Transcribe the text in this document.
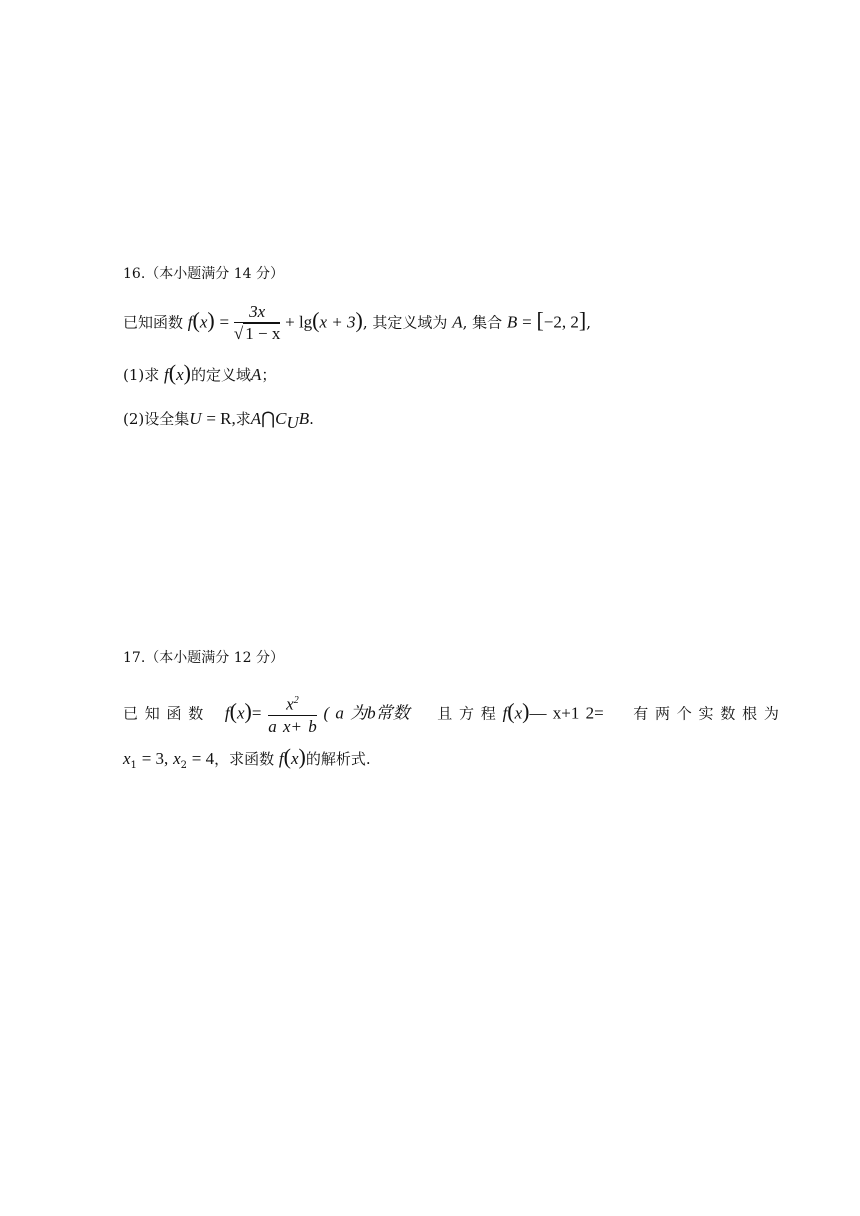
16.（本小题满分 14 分）
已知函数 $f(x) = \frac{3x}{√ 1 - x} + \lg(x + 3)$, 其定义域为 A, 集合 B = [−2, 2],
(1)求 f(x)的定义域A；
(2)设全集U = R,求$A⋂C_UB$.
17.（本小题满分 12 分）
已 知 函 数 $f(x)= \frac{x^2}{\text{a x+ b}}$ ( a 为b常数 且 方 程 f(x)— x+1 2= 有 两 个 实 数 根 为
$x_1 = 3$, $x_2 = 4$，求函数 f(x)的解析式.
